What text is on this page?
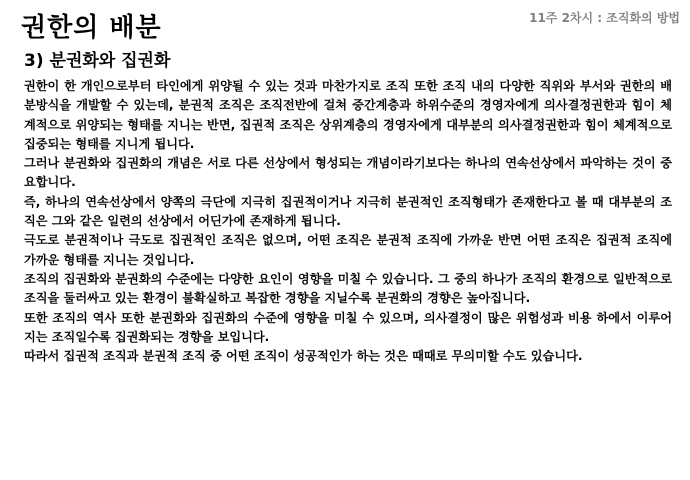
권한의 배분	11주 2차시 : 조직화의 방법
3) 분권화와 집권화

권한이 한 개인으로부터 타인에게 위양될 수 있는 것과 마찬가지로 조직 또한 조직 내의 다양한 직위와 부서와 권한의 배분방식을 개발할 수 있는데, 분권적 조직은 조직전반에 걸쳐 중간계층과 하위수준의 경영자에게 의사결정권한과 힘이 체계적으로 위양되는 형태를 지니는 반면, 집권적 조직은 상위계층의 경영자에게 대부분의 의사결정권한과 힘이 체계적으로 집중되는 형태를 지니게 됩니다.

그러나 분권화와 집권화의 개념은 서로 다른 선상에서 형성되는 개념이라기보다는 하나의 연속선상에서 파악하는 것이 중요합니다.

즉, 하나의 연속선상에서 양쪽의 극단에 지극히 집권적이거나 지극히 분권적인 조직형태가 존재한다고 볼 때 대부분의 조직은 그와 같은 일련의 선상에서 어딘가에 존재하게 됩니다.

극도로 분권적이나 극도로 집권적인 조직은 없으며, 어떤 조직은 분권적 조직에 가까운 반면 어떤 조직은 집권적 조직에 가까운 형태를 지니는 것입니다.

조직의 집권화와 분권화의 수준에는 다양한 요인이 영향을 미칠 수 있습니다. 그 중의 하나가 조직의 환경으로 일반적으로 조직을 둘러싸고 있는 환경이 불확실하고 복잡한 경향을 지닐수록 분권화의 경향은 높아집니다.

또한 조직의 역사 또한 분권화와 집권화의 수준에 영향을 미칠 수 있으며, 의사결정이 많은 위험성과 비용 하에서 이루어지는 조직일수록 집권화되는 경향을 보입니다.

따라서 집권적 조직과 분권적 조직 중 어떤 조직이 성공적인가 하는 것은 때때로 무의미할 수도 있습니다.
